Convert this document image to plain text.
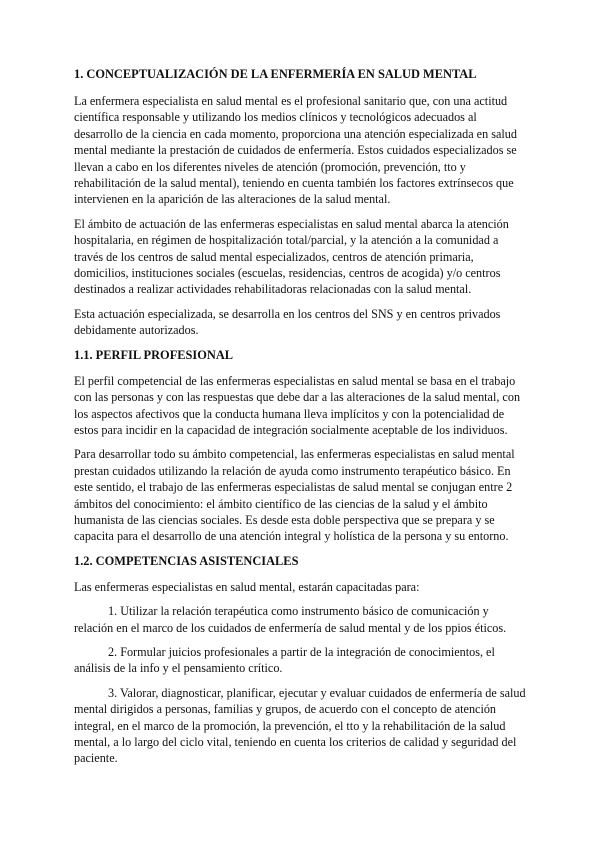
1. CONCEPTUALIZACIÓN DE LA ENFERMERÍA EN SALUD MENTAL

La enfermera especialista en salud mental es el profesional sanitario que, con una actitud científica responsable y utilizando los medios clínicos y tecnológicos adecuados al desarrollo de la ciencia en cada momento, proporciona una atención especializada en salud mental mediante la prestación de cuidados de enfermería. Estos cuidados especializados se llevan a cabo en los diferentes niveles de atención (promoción, prevención, tto y rehabilitación de la salud mental), teniendo en cuenta también los factores extrínsecos que intervienen en la aparición de las alteraciones de la salud mental.

El ámbito de actuación de las enfermeras especialistas en salud mental abarca la atención hospitalaria, en régimen de hospitalización total/parcial, y la atención a la comunidad a través de los centros de salud mental especializados, centros de atención primaria, domicilios, instituciones sociales (escuelas, residencias, centros de acogida) y/o centros destinados a realizar actividades rehabilitadoras relacionadas con la salud mental.

Esta actuación especializada, se desarrolla en los centros del SNS y en centros privados debidamente autorizados.

1.1. PERFIL PROFESIONAL

El perfil competencial de las enfermeras especialistas en salud mental se basa en el trabajo con las personas y con las respuestas que debe dar a las alteraciones de la salud mental, con los aspectos afectivos que la conducta humana lleva implícitos y con la potencialidad de estos para incidir en la capacidad de integración socialmente aceptable de los individuos.

Para desarrollar todo su ámbito competencial, las enfermeras especialistas en salud mental prestan cuidados utilizando la relación de ayuda como instrumento terapéutico básico. En este sentido, el trabajo de las enfermeras especialistas de salud mental se conjugan entre 2 ámbitos del conocimiento: el ámbito científico de las ciencias de la salud y el ámbito humanista de las ciencias sociales. Es desde esta doble perspectiva que se prepara y se capacita para el desarrollo de una atención integral y holística de la persona y su entorno.

1.2. COMPETENCIAS ASISTENCIALES

Las enfermeras especialistas en salud mental, estarán capacitadas para:

1. Utilizar la relación terapéutica como instrumento básico de comunicación y relación en el marco de los cuidados de enfermería de salud mental y de los ppios éticos.

2. Formular juicios profesionales a partir de la integración de conocimientos, el análisis de la info y el pensamiento crítico.

3. Valorar, diagnosticar, planificar, ejecutar y evaluar cuidados de enfermería de salud mental dirigidos a personas, familias y grupos, de acuerdo con el concepto de atención integral, en el marco de la promoción, la prevención, el tto y la rehabilitación de la salud mental, a lo largo del ciclo vital, teniendo en cuenta los criterios de calidad y seguridad del paciente.
